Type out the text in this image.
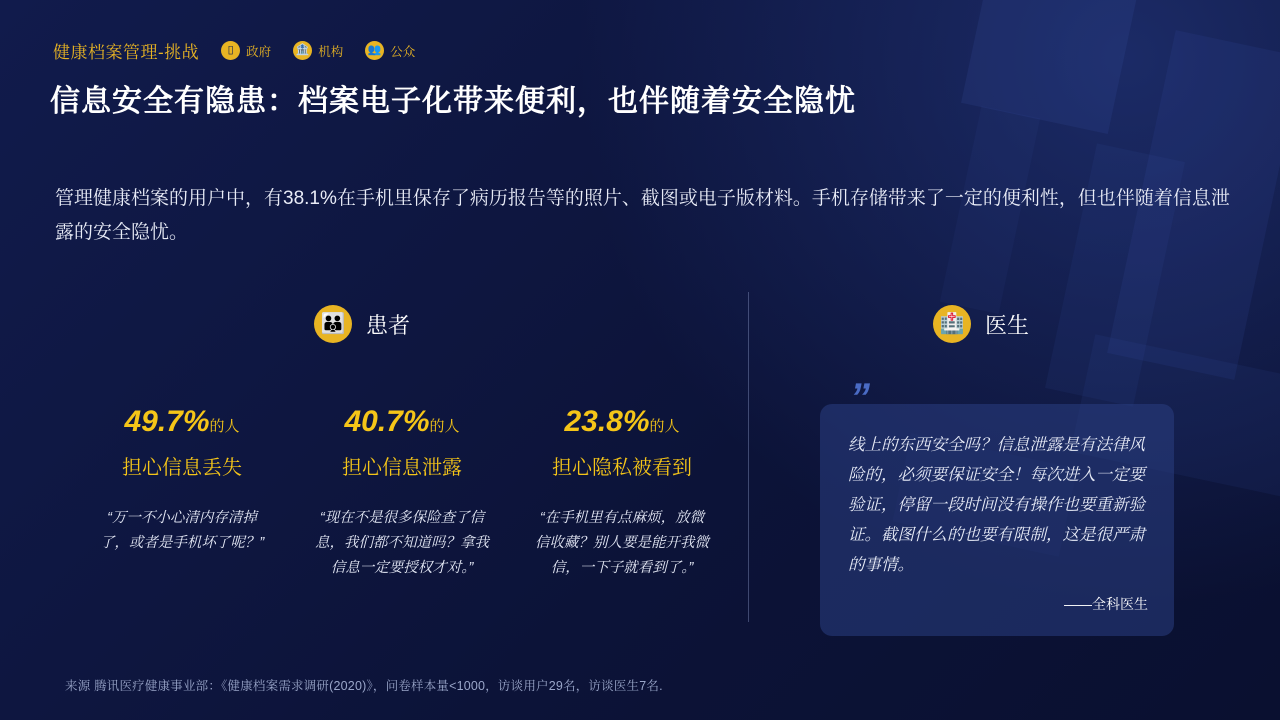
健康档案管理-挑战	▯ 政府 🏦 机构 👥 公众
信息安全有隐患：档案电子化带来便利，也伴随着安全隐忧
管理健康档案的用户中，有38.1%在手机里保存了病历报告等的照片、截图或电子版材料。手机存储带来了一定的便利性，但也伴随着信息泄露的安全隐忧。
👪 患者	🏥 医生
49.7%的人
担心信息丢失
“万一不小心清内存清掉了，或者是手机坏了呢？”
40.7%的人
担心信息泄露
“现在不是很多保险查了信息，我们都不知道吗？拿我信息一定要授权才对。”
23.8%的人
担心隐私被看到
“在手机里有点麻烦，放微信收藏？别人要是能开我微信，一下子就看到了。”
”
线上的东西安全吗？信息泄露是有法律风险的，必须要保证安全！每次进入一定要验证，停留一段时间没有操作也要重新验证。截图什么的也要有限制，这是很严肃的事情。
——全科医生
来源 腾讯医疗健康事业部：《健康档案需求调研(2020)》，问卷样本量<1000，访谈用户29名，访谈医生7名.
